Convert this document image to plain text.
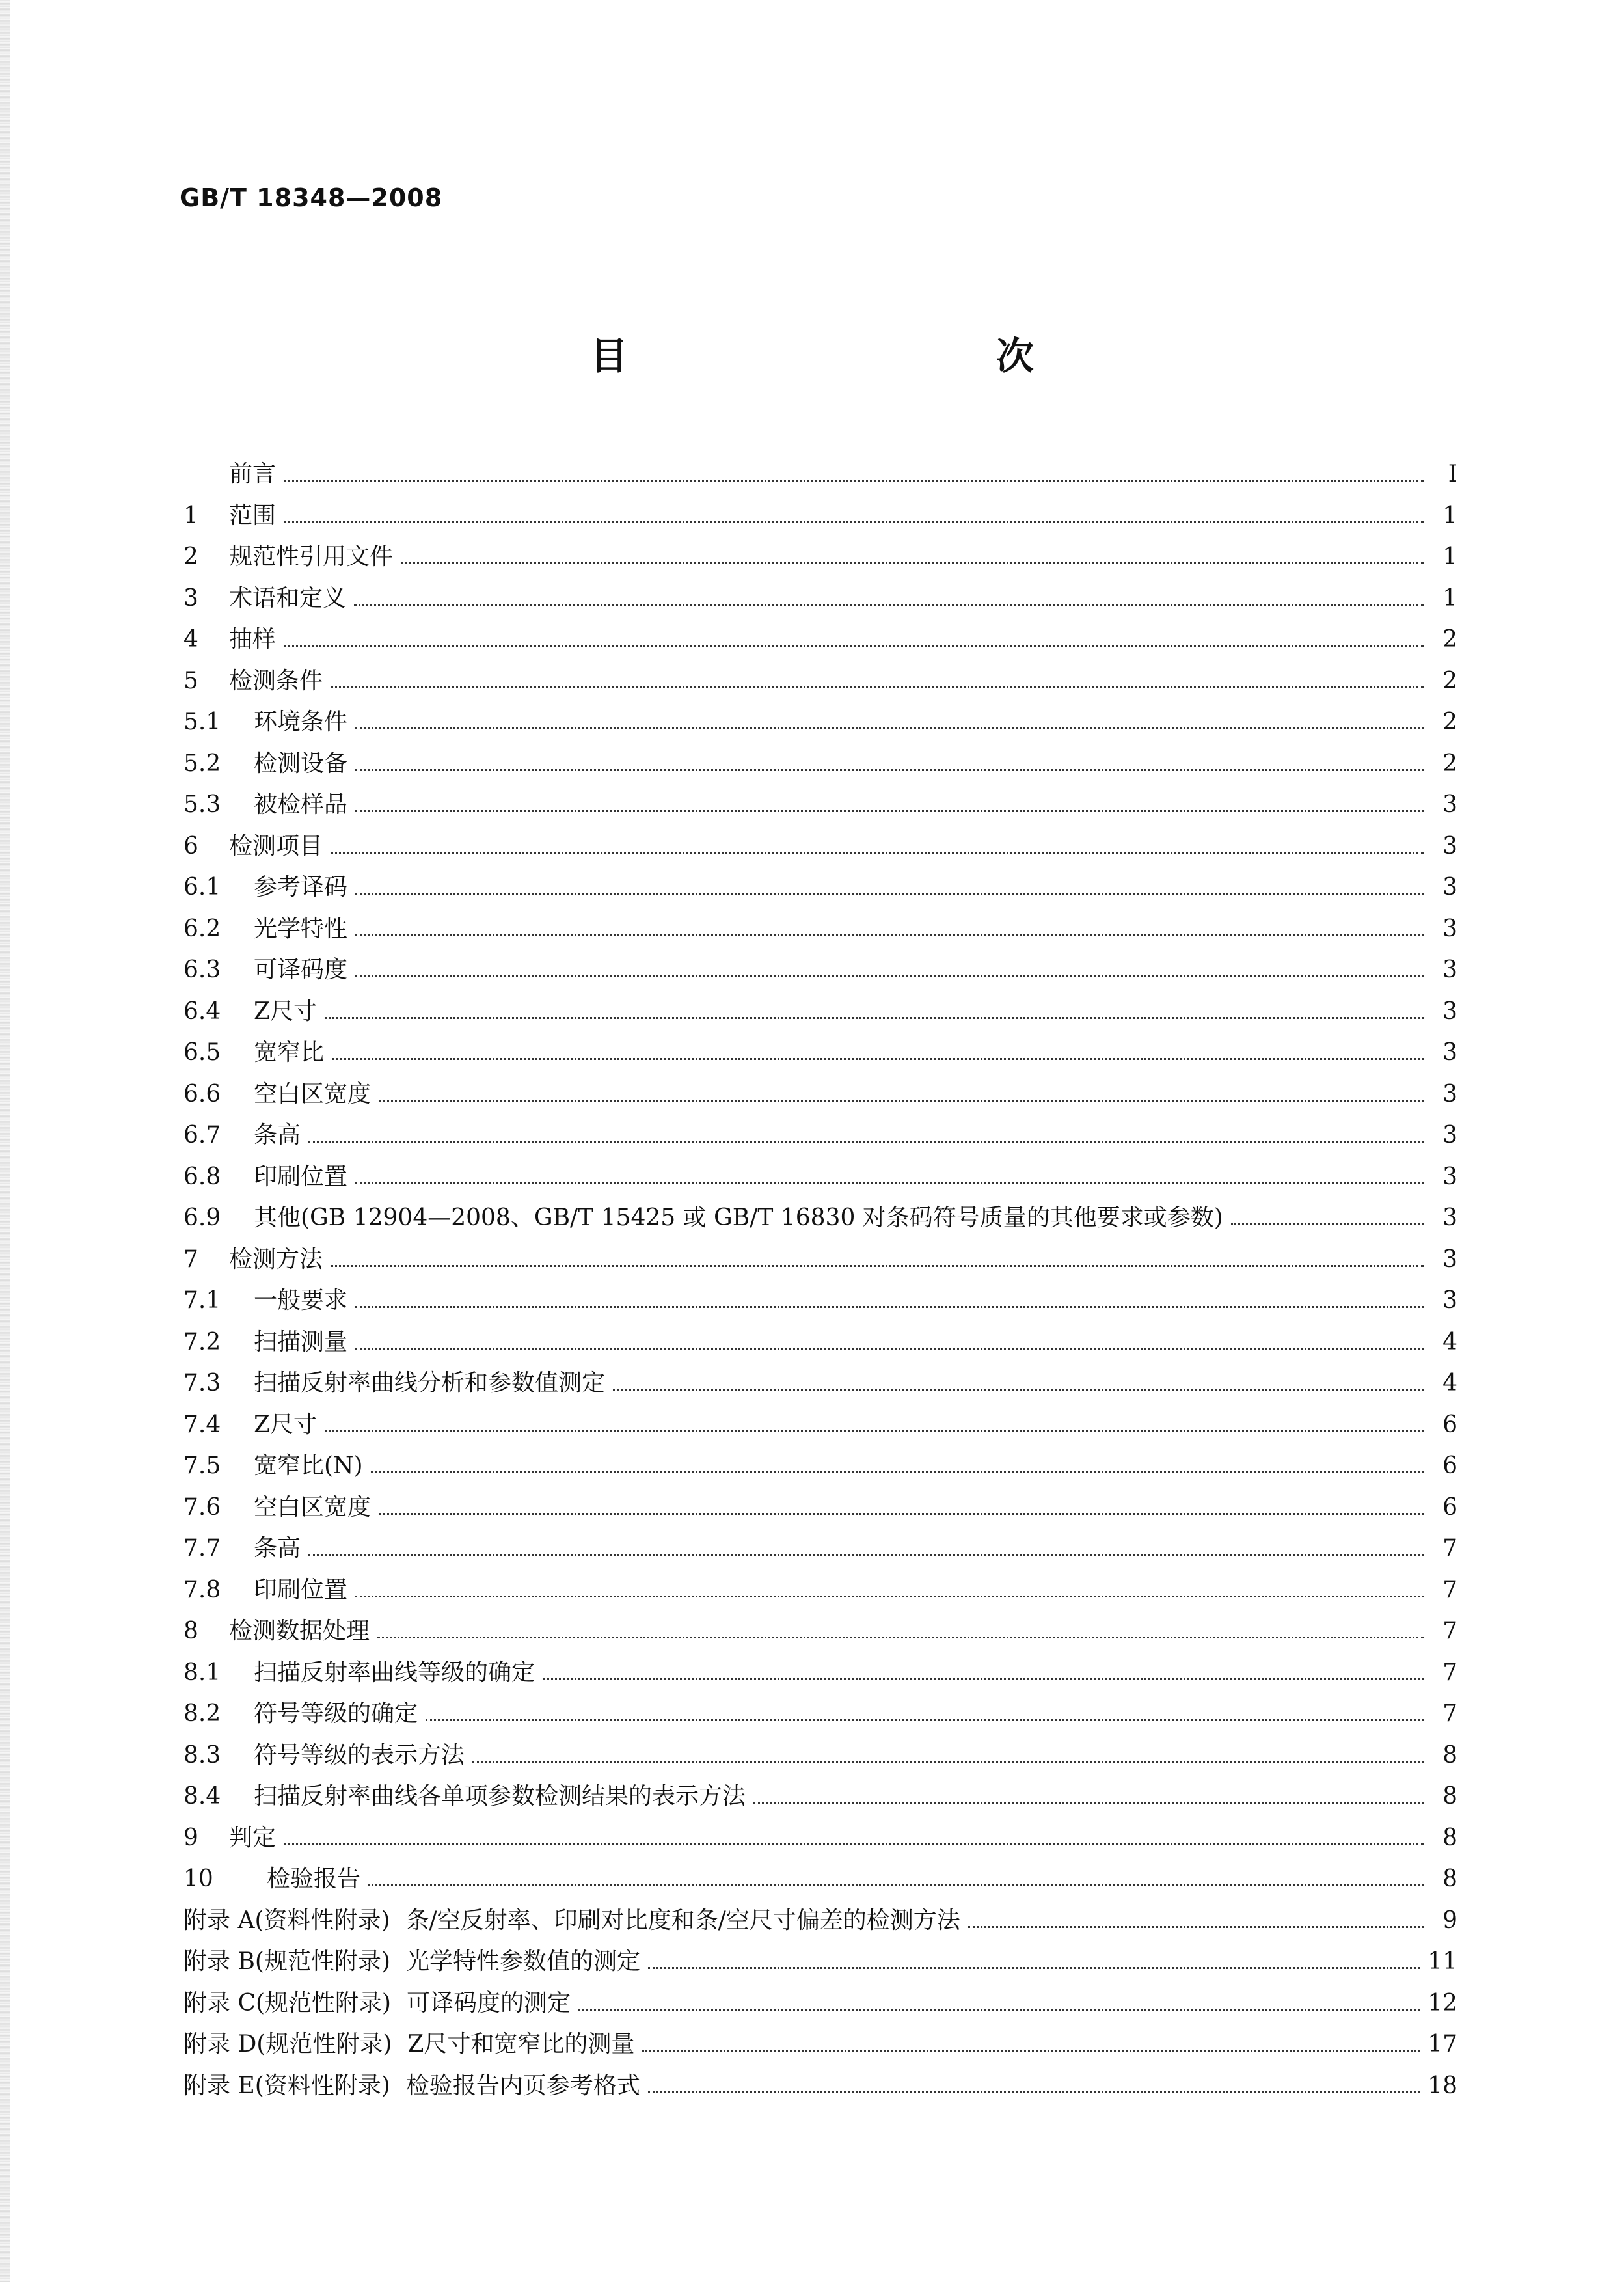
GB/T 18348—2008
目　　次
前言	Ⅰ
1	范围	1
2	规范性引用文件	1
3	术语和定义	1
4	抽样	2
5	检测条件	2
5.1	环境条件	2
5.2	检测设备	2
5.3	被检样品	3
6	检测项目	3
6.1	参考译码	3
6.2	光学特性	3
6.3	可译码度	3
6.4	Z尺寸	3
6.5	宽窄比	3
6.6	空白区宽度	3
6.7	条高	3
6.8	印刷位置	3
6.9	其他(GB 12904—2008、GB/T 15425 或 GB/T 16830 对条码符号质量的其他要求或参数)	3
7	检测方法	3
7.1	一般要求	3
7.2	扫描测量	4
7.3	扫描反射率曲线分析和参数值测定	4
7.4	Z尺寸	6
7.5	宽窄比(N)	6
7.6	空白区宽度	6
7.7	条高	7
7.8	印刷位置	7
8	检测数据处理	7
8.1	扫描反射率曲线等级的确定	7
8.2	符号等级的确定	7
8.3	符号等级的表示方法	8
8.4	扫描反射率曲线各单项参数检测结果的表示方法	8
9	判定	8
10	检验报告	8
附录 A(资料性附录) 条/空反射率、印刷对比度和条/空尺寸偏差的检测方法	9
附录 B(规范性附录) 光学特性参数值的测定	11
附录 C(规范性附录) 可译码度的测定	12
附录 D(规范性附录) Z尺寸和宽窄比的测量	17
附录 E(资料性附录) 检验报告内页参考格式	18
